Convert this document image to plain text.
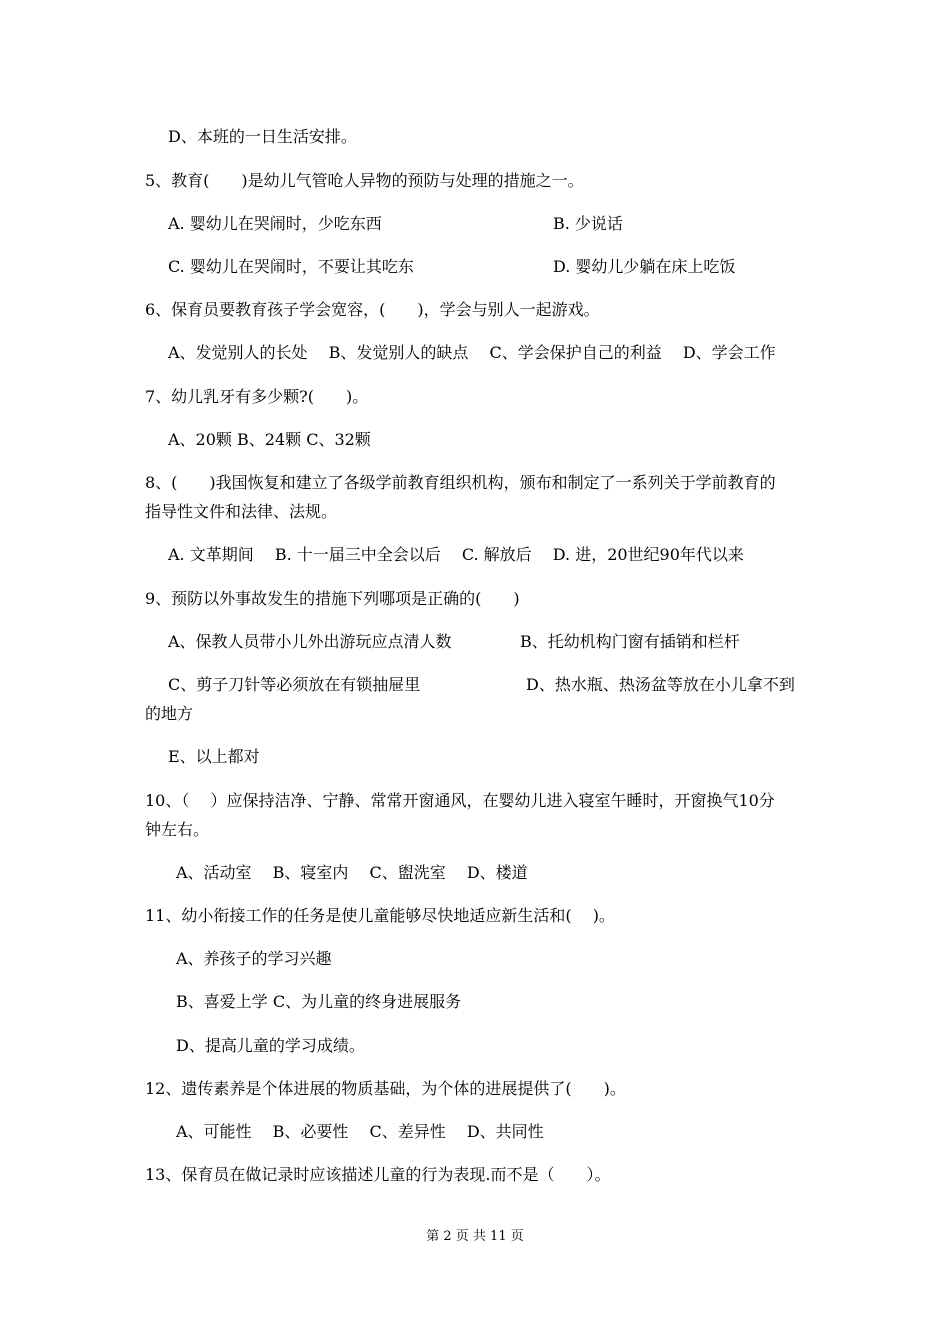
D、本班的一日生活安排。
5、教育(　　)是幼儿气管呛人异物的预防与处理的措施之一。
A. 婴幼儿在哭闹时，少吃东西	B. 少说话
C. 婴幼儿在哭闹时，不要让其吃东	D. 婴幼儿少躺在床上吃饭
6、保育员要教育孩子学会宽容，(　　)，学会与别人一起游戏。
A、发觉别人的长处　 B、发觉别人的缺点　 C、学会保护自己的利益　 D、学会工作
7、幼儿乳牙有多少颗?(　　)。
A、20颗 B、24颗 C、32颗
8、(　　)我国恢复和建立了各级学前教育组织机构，颁布和制定了一系列关于学前教育的
指导性文件和法律、法规。
A. 文革期间　 B. 十一届三中全会以后　 C. 解放后　 D. 进，20世纪90年代以来
9、预防以外事故发生的措施下列哪项是正确的(　　)
A、保教人员带小儿外出游玩应点清人数	B、托幼机构门窗有插销和栏杆
C、剪子刀针等必须放在有锁抽屉里	D、热水瓶、热汤盆等放在小儿拿不到
的地方
E、以上都对
10、（　 ）应保持洁净、宁静、常常开窗通风，在婴幼儿进入寝室午睡时，开窗换气10分
钟左右。
A、活动室　 B、寝室内　 C、盥洗室　 D、楼道
11、幼小衔接工作的任务是使儿童能够尽快地适应新生活和(　 )。
A、养孩子的学习兴趣
B、喜爱上学 C、为儿童的终身进展服务
D、提高儿童的学习成绩。
12、遗传素养是个体进展的物质基础，为个体的进展提供了(　　)。
A、可能性　 B、必要性　 C、差异性　 D、共同性
13、保育员在做记录时应该描述儿童的行为表现.而不是（　　）。
第 2 页 共 11 页
